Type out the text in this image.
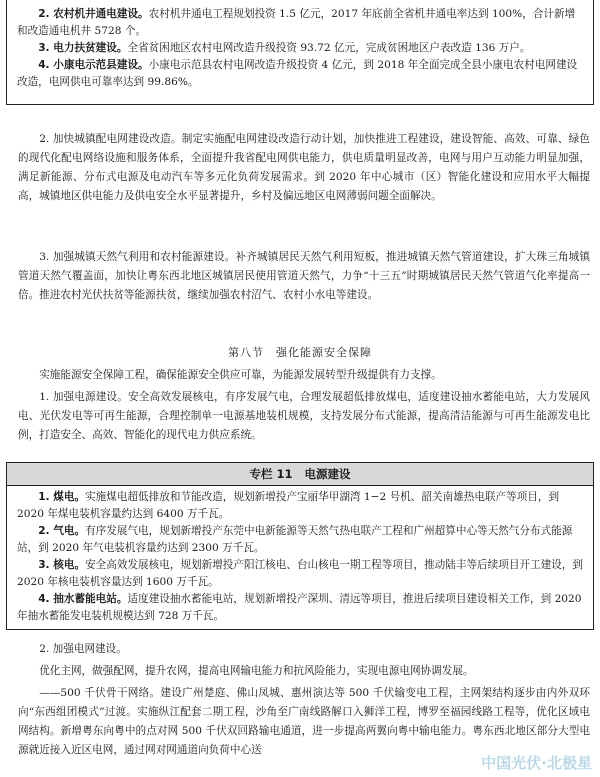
2. 农村机井通电建设。农村机井通电工程规划投资 1.5 亿元，2017 年底前全省机井通电率达到 100%，合计新增和改造通电机井 5728 个。

3. 电力扶贫建设。全省贫困地区农村电网改造升级投资 93.72 亿元，完成贫困地区户表改造 136 万户。

4. 小康电示范县建设。小康电示范县农村电网改造升级投资 4 亿元，到 2018 年全面完成全县小康电农村电网建设改造，电网供电可靠率达到 99.86%。

2. 加快城镇配电网建设改造。制定实施配电网建设改造行动计划，加快推进工程建设，建设智能、高效、可靠、绿色的现代化配电网络设施和服务体系，全面提升我省配电网供电能力，供电质量明显改善，电网与用户互动能力明显加强，满足新能源、分布式电源及电动汽车等多元化负荷发展需求。到 2020 年中心城市（区）智能化建设和应用水平大幅提高，城镇地区供电能力及供电安全水平显著提升，乡村及偏远地区电网薄弱问题全面解决。

3. 加强城镇天然气利用和农村能源建设。补齐城镇居民天然气利用短板，推进城镇天然气管道建设，扩大珠三角城镇管道天然气覆盖面，加快让粤东西北地区城镇居民使用管道天然气，力争“十三五”时期城镇居民天然气管道气化率提高一倍。推进农村光伏扶贫等能源扶贫，继续加强农村沼气、农村小水电等建设。

第八节　强化能源安全保障

实施能源安全保障工程，确保能源安全供应可靠，为能源发展转型升级提供有力支撑。

1. 加强电源建设。安全高效发展核电，有序发展气电，合理发展超低排放煤电，适度建设抽水蓄能电站，大力发展风电、光伏发电等可再生能源，合理控制单一电源基地装机规模，支持发展分布式能源，提高清洁能源与可再生能源发电比例，打造安全、高效、智能化的现代电力供应系统。

专栏 11 电源建设

1. 煤电。实施煤电超低排放和节能改造，规划新增投产宝丽华甲湖湾 1−2 号机、韶关南雄热电联产等项目，到 2020 年煤电装机容量约达到 6400 万千瓦。

2. 气电。有序发展气电，规划新增投产东莞中电新能源等天然气热电联产工程和广州超算中心等天然气分布式能源站，到 2020 年气电装机容量约达到 2300 万千瓦。

3. 核电。安全高效发展核电，规划新增投产阳江核电、台山核电一期工程等项目，推动陆丰等后续项目开工建设，到 2020 年核电装机容量达到 1600 万千瓦。

4. 抽水蓄能电站。适度建设抽水蓄能电站，规划新增投产深圳、清远等项目，推进后续项目建设相关工作，到 2020 年抽水蓄能发电装机规模达到 728 万千瓦。

2. 加强电网建设。

优化主网，做强配网，提升农网，提高电网输电能力和抗风险能力，实现电源电网协调发展。

——500 千伏骨干网络。建设广州楚庭、佛山凤城、惠州演达等 500 千伏输变电工程，主网架结构逐步由内外双环向“东西组团模式”过渡。实施纵江配套二期工程，沙角至广南线路解口入狮洋工程，博罗至福园线路工程等，优化区域电网结构。新增粤东向粤中的点对网 500 千伏双回路输电通道，进一步提高两翼向粤中输电能力。粤东西北地区部分大型电源就近接入近区电网，通过网对网通道向负荷中心送

中国光伏·北极星
